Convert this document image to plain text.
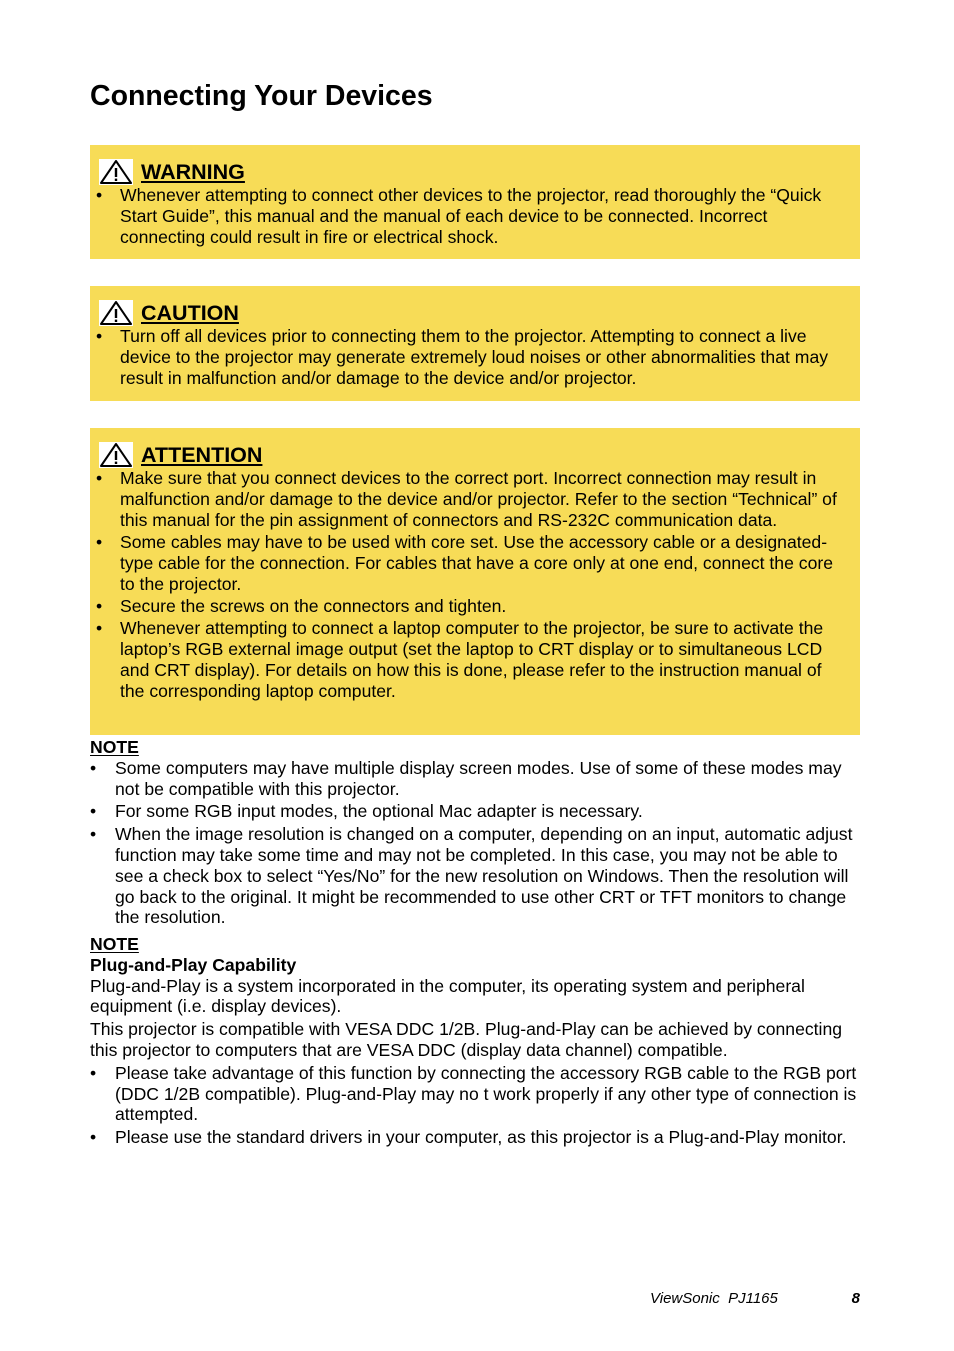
Connecting Your Devices
WARNING
• Whenever attempting to connect other devices to the projector, read thoroughly the “Quick Start Guide”, this manual and the manual of each device to be connected. Incorrect connecting could result in fire or electrical shock.
CAUTION
• Turn off all devices prior to connecting them to the projector. Attempting to connect a live device to the projector may generate extremely loud noises or other abnormalities that may result in malfunction and/or damage to the device and/or projector.
ATTENTION
• Make sure that you connect devices to the correct port. Incorrect connection may result in malfunction and/or damage to the device and/or projector. Refer to the section “Technical” of this manual for the pin assignment of connectors and RS-232C communication data.
• Some cables may have to be used with core set. Use the accessory cable or a designated-type cable for the connection. For cables that have a core only at one end, connect the core to the projector.
• Secure the screws on the connectors and tighten.
• Whenever attempting to connect a laptop computer to the projector, be sure to activate the laptop’s RGB external image output (set the laptop to CRT display or to simultaneous LCD and CRT display). For details on how this is done, please refer to the instruction manual of the corresponding laptop computer.
NOTE
• Some computers may have multiple display screen modes. Use of some of these modes may not be compatible with this projector.
• For some RGB input modes, the optional Mac adapter is necessary.
• When the image resolution is changed on a computer, depending on an input, automatic adjust function may take some time and may not be completed. In this case, you may not be able to see a check box to select “Yes/No” for the new resolution on Windows. Then the resolution will go back to the original. It might be recommended to use other CRT or TFT monitors to change the resolution.
NOTE
Plug-and-Play Capability

Plug-and-Play is a system incorporated in the computer, its operating system and peripheral equipment (i.e. display devices).

This projector is compatible with VESA DDC 1/2B. Plug-and-Play can be achieved by connecting this projector to computers that are VESA DDC (display data channel) compatible.

• Please take advantage of this function by connecting the accessory RGB cable to the RGB port (DDC 1/2B compatible). Plug-and-Play may no t work properly if any other type of connection is attempted.
• Please use the standard drivers in your computer, as this projector is a Plug-and-Play monitor.
ViewSonic  PJ1165	8
